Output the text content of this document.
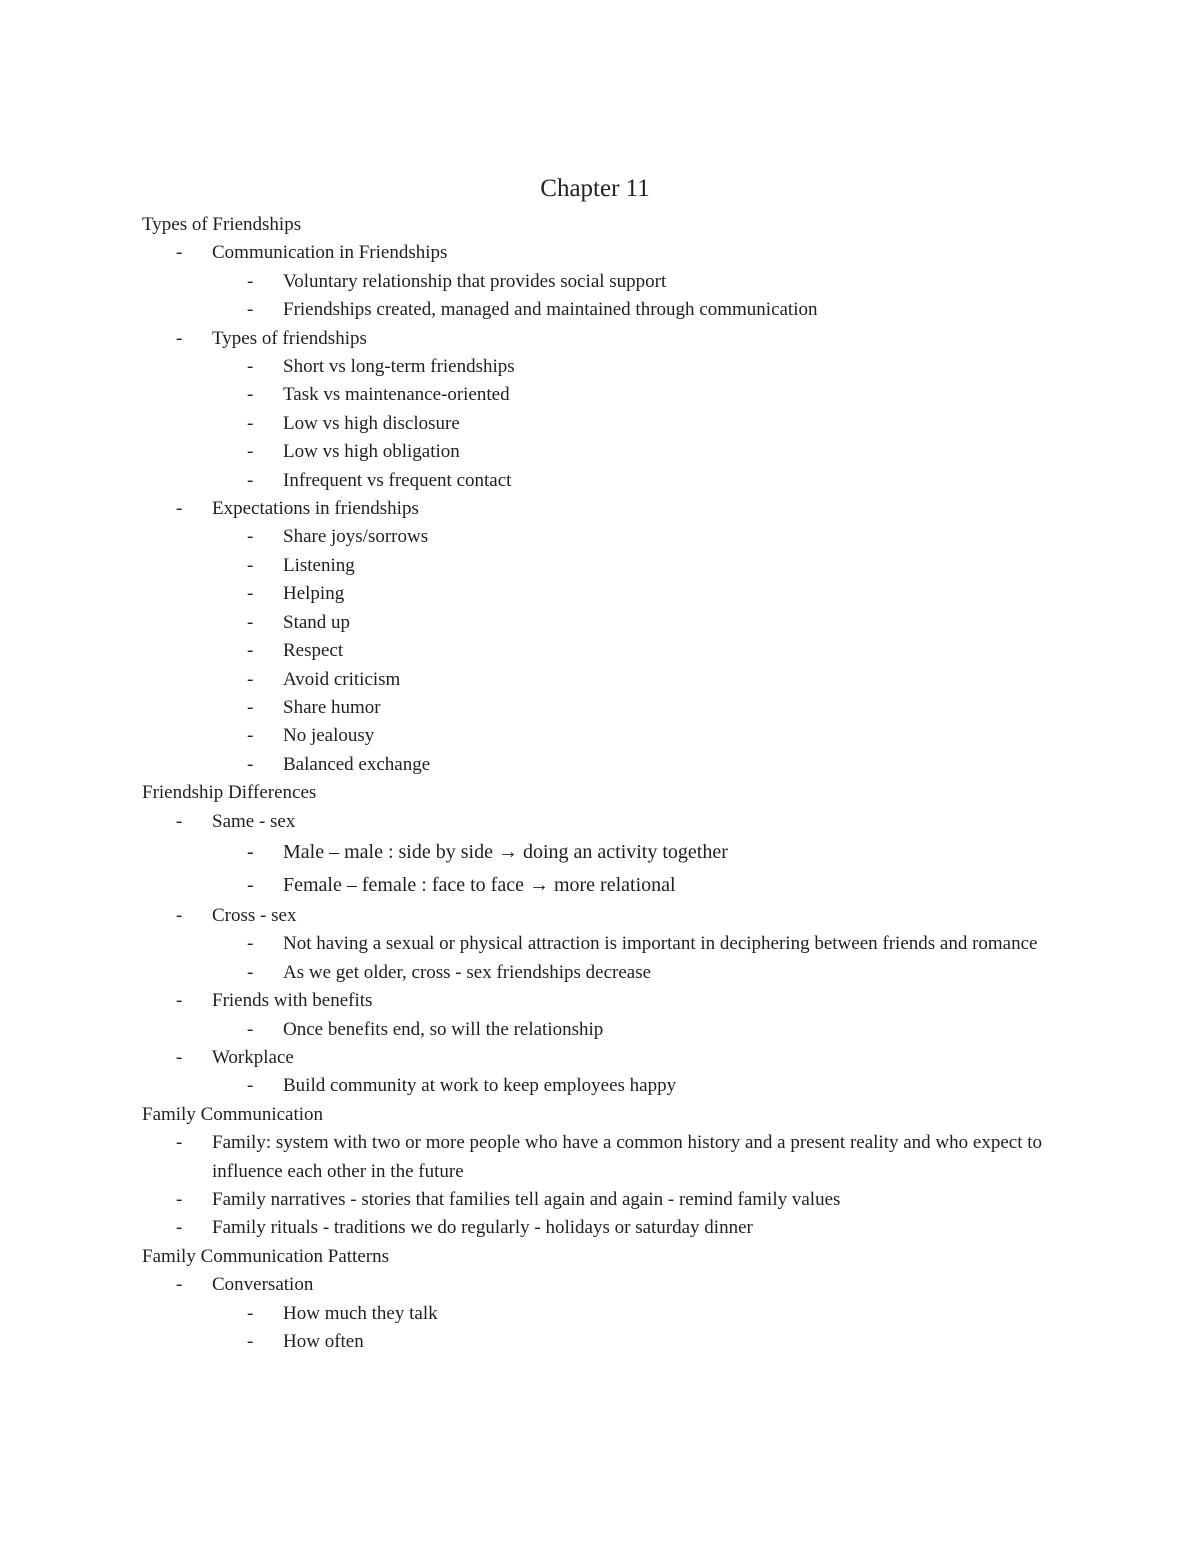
Chapter 11
Types of Friendships
- Communication in Friendships
- Voluntary relationship that provides social support
- Friendships created, managed and maintained through communication
- Types of friendships
- Short vs long-term friendships
- Task vs maintenance-oriented
- Low vs high disclosure
- Low vs high obligation
- Infrequent vs frequent contact
- Expectations in friendships
- Share joys/sorrows
- Listening
- Helping
- Stand up
- Respect
- Avoid criticism
- Share humor
- No jealousy
- Balanced exchange
Friendship Differences
- Same - sex
- Male – male : side by side → doing an activity together
- Female – female : face to face → more relational
- Cross - sex
- Not having a sexual or physical attraction is important in deciphering between friends and romance
- As we get older, cross - sex friendships decrease
- Friends with benefits
- Once benefits end, so will the relationship
- Workplace
- Build community at work to keep employees happy
Family Communication
- Family: system with two or more people who have a common history and a present reality and who expect to influence each other in the future
- Family narratives - stories that families tell again and again - remind family values
- Family rituals - traditions we do regularly - holidays or saturday dinner
Family Communication Patterns
- Conversation
- How much they talk
- How often
